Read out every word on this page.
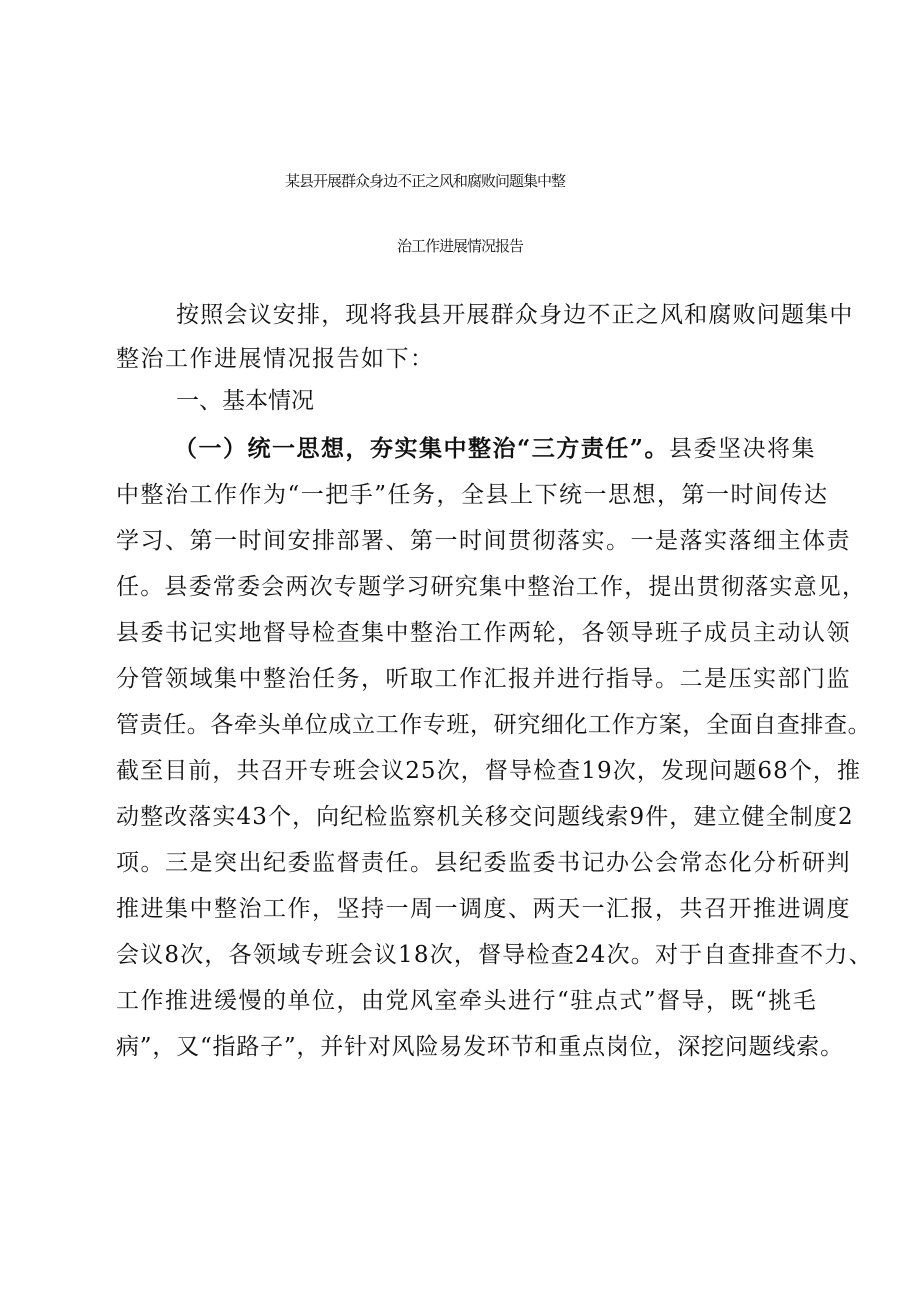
某县开展群众身边不正之风和腐败问题集中整
治工作进展情况报告
按照会议安排，现将我县开展群众身边不正之风和腐败问题集中
整治工作进展情况报告如下：
一、基本情况
（一）统一思想，夯实集中整治“三方责任”。县委坚决将集
中整治工作作为“一把手”任务，全县上下统一思想，第一时间传达
学习、第一时间安排部署、第一时间贯彻落实。一是落实落细主体责
任。县委常委会两次专题学习研究集中整治工作，提出贯彻落实意见，
县委书记实地督导检查集中整治工作两轮，各领导班子成员主动认领
分管领域集中整治任务，听取工作汇报并进行指导。二是压实部门监
管责任。各牵头单位成立工作专班，研究细化工作方案，全面自查排查。
截至目前，共召开专班会议25次，督导检查19次，发现问题68个，推
动整改落实43个，向纪检监察机关移交问题线索9件，建立健全制度2
项。三是突出纪委监督责任。县纪委监委书记办公会常态化分析研判
推进集中整治工作，坚持一周一调度、两天一汇报，共召开推进调度
会议8次，各领域专班会议18次，督导检查24次。对于自查排查不力、
工作推进缓慢的单位，由党风室牵头进行“驻点式”督导，既“挑毛
病”，又“指路子”，并针对风险易发环节和重点岗位，深挖问题线索。
